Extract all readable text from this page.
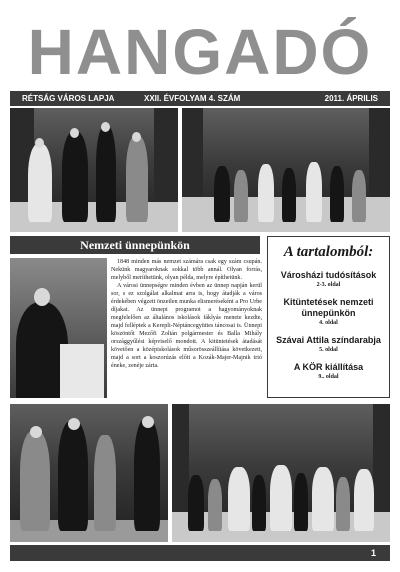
HANGADÓ
RÉTSÁG VÁROS LAPJA	XXII. ÉVFOLYAM 4. SZÁM	2011. ÁPRILIS
Nemzeti ünnepünkön

1848 minden más nemzet számára csak egy szám csupán. Nekünk magyaroknak sokkal több annál. Olyan forrás, melyből meríthetünk, olyan példa, melyre építhetünk.

A városi ünnepségre minden évben az ünnep napján kerül sor, s ez szolgálat alkalmat arra is, hogy átadják a város érdekében végzett önzetlen munka elismeréseként a Pro Urbe díjakat. Az ünnepi programot a hagyományoknak megfelelően az általános iskolások fáklyás menete kezdte, majd felléptek a Kerepli-Néptáncegyüttes táncosai is. Ünnepi köszöntőt Mezőfi Zoltán polgármester és Balla Mihály országgyűlési képviselő mondott. A kitüntetések átadását követően a középiskolások műsorösszeállítása következett, majd a sort a koszorúzás előtt a Kozák-Majer-Majnik trió éneke, zenéje zárta.

A tartalomból:
Városházi tudósítások
2-3. oldal
Kitüntetések nemzeti ünnepünkön
4. oldal
Szávai Attila színdarabja
5. oldal
A KÖR kiállítása
9.. oldal
1
